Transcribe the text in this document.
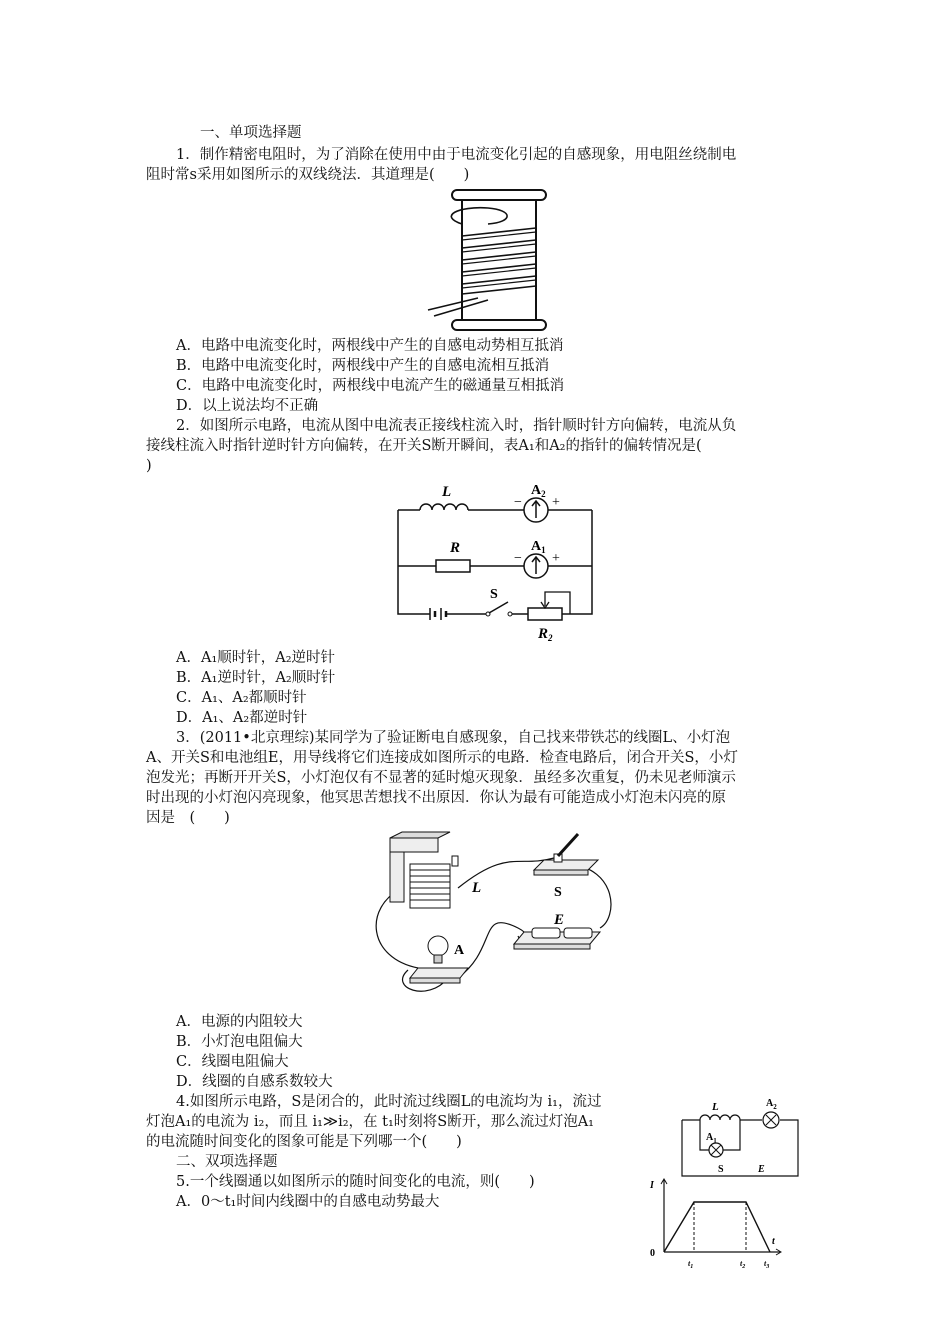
一、单项选择题
1．制作精密电阻时，为了消除在使用中由于电流变化引起的自感现象，用电阻丝绕制电
阻时常s采用如图所示的双线绕法．其道理是(　　)
A．电路中电流变化时，两根线中产生的自感电动势相互抵消
B．电路中电流变化时，两根线中产生的自感电流相互抵消
C．电路中电流变化时，两根线中电流产生的磁通量互相抵消
D．以上说法均不正确
2．如图所示电路，电流从图中电流表正接线柱流入时，指针顺时针方向偏转，电流从负
接线柱流入时指针逆时针方向偏转，在开关S断开瞬间，表A₁和A₂的指针的偏转情况是(
)
L	$A_2$
− +
R	$A_1$
− +
S
$R_2$
A．A₁顺时针，A₂逆时针
B．A₁逆时针，A₂顺时针
C．A₁、A₂都顺时针
D．A₁、A₂都逆时针
3．(2011•北京理综)某同学为了验证断电自感现象，自己找来带铁芯的线圈L、小灯泡
A、开关S和电池组E，用导线将它们连接成如图所示的电路．检查电路后，闭合开关S，小灯
泡发光；再断开开关S，小灯泡仅有不显著的延时熄灭现象．虽经多次重复，仍未见老师演示
时出现的小灯泡闪亮现象，他冥思苦想找不出原因．你认为最有可能造成小灯泡未闪亮的原
因是　(　　)
L	S
E
A
A．电源的内阻较大
B．小灯泡电阻偏大
C．线圈电阻偏大
D．线圈的自感系数较大
4.如图所示电路，S是闭合的，此时流过线圈L的电流均为 i₁，流过
灯泡A₁的电流为 i₂，而且 i₁≫i₂，在 t₁时刻将S断开，那么流过灯泡A₁
的电流随时间变化的图象可能是下列哪一个(　　)
L	$A_2$
$A_1$
S	E
二、双项选择题
5.一个线圈通以如图所示的随时间变化的电流，则(　　)
A．0～t₁时间内线圈中的自感电动势最大
I
t
0
$t_1$	$t_2$ $t_3$
